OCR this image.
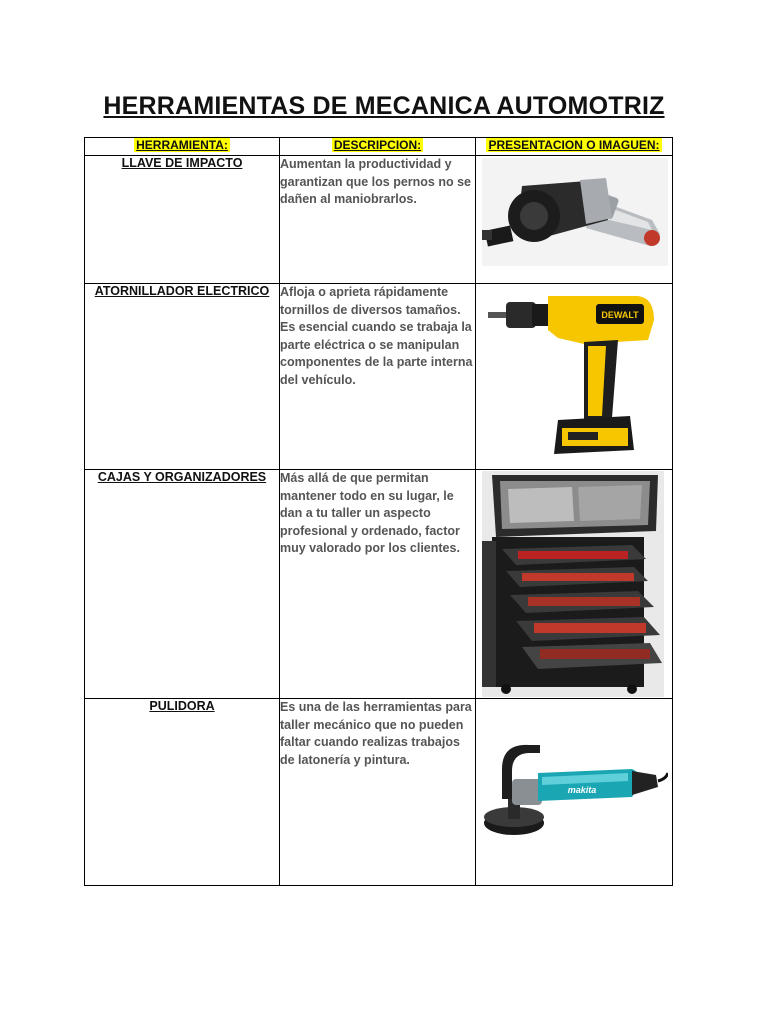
HERRAMIENTAS DE MECANICA AUTOMOTRIZ
HERRAMIENTA:	DESCRIPCION:	PRESENTACION O IMAGUEN:
LLAVE DE IMPACTO	Aumentan la productividad y garantizan que los pernos no se dañen al maniobrarlos.	

ATORNILLADOR ELECTRICO	Afloja o aprieta rápidamente tornillos de diversos tamaños. Es esencial cuando se trabaja la parte eléctrica o se manipulan componentes de la parte interna del vehículo.	DEWALT

CAJAS Y ORGANIZADORES	Más allá de que permitan mantener todo en su lugar, le dan a tu taller un aspecto profesional y ordenado, factor muy valorado por los clientes.	

PULIDORA	Es una de las herramientas para taller mecánico que no pueden faltar cuando realizas trabajos de latonería y pintura.	makita
